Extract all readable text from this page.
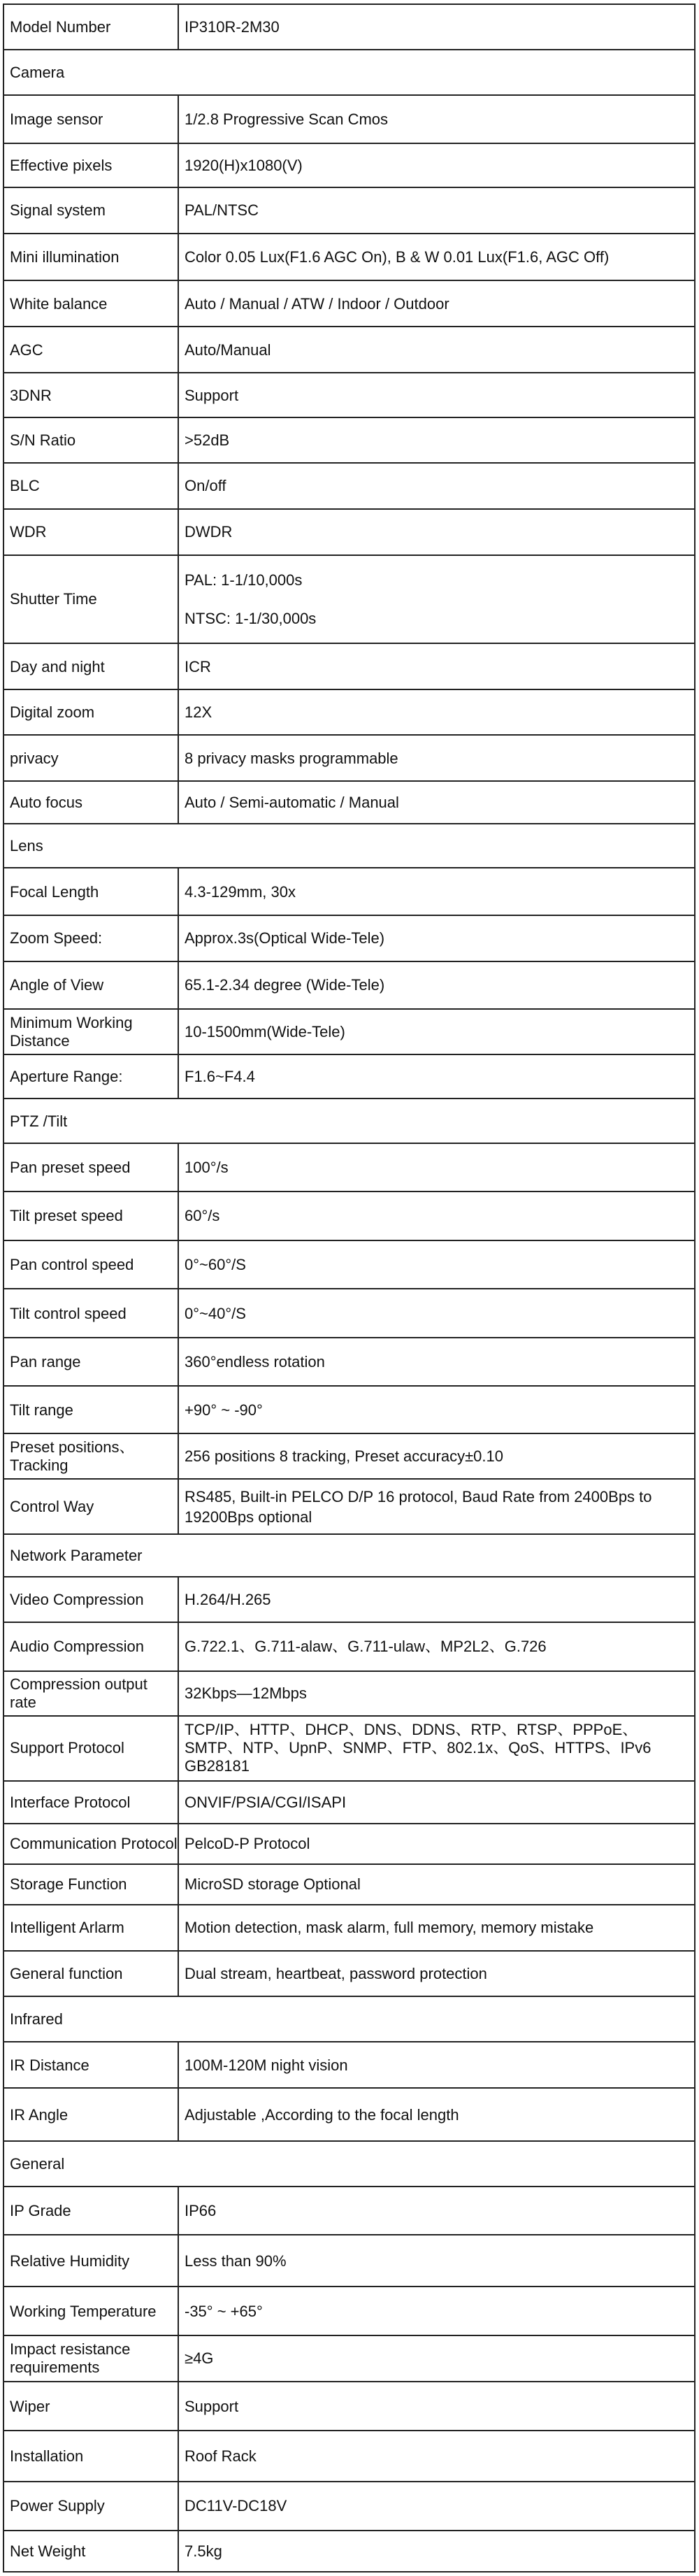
Model Number	IP310R-2M30
Camera	
Image sensor	1/2.8 Progressive Scan Cmos
Effective pixels	1920(H)x1080(V)
Signal system	PAL/NTSC
Mini illumination	Color 0.05 Lux(F1.6 AGC On), B & W 0.01 Lux(F1.6, AGC Off)
White balance	Auto / Manual / ATW / Indoor / Outdoor
AGC	Auto/Manual
3DNR	Support
S/N Ratio	>52dB
BLC	On/off
WDR	DWDR
Shutter Time	PAL: 1-1/10,000s
NTSC: 1-1/30,000s

Day and night	ICR
Digital zoom	12X
privacy	8 privacy masks programmable
Auto focus	Auto / Semi-automatic / Manual
Lens	
Focal Length	4.3-129mm, 30x
Zoom Speed:	Approx.3s(Optical Wide-Tele)
Angle of View	65.1-2.34 degree (Wide-Tele)
Minimum Working Distance	10-1500mm(Wide-Tele)
Aperture Range:	F1.6~F4.4
PTZ /Tilt	
Pan preset speed	100°/s
Tilt preset speed	60°/s
Pan control speed	0°~60°/S
Tilt control speed	0°~40°/S
Pan range	360°endless rotation
Tilt range	+90° ~ -90°
Preset positions、Tracking	256 positions 8 tracking, Preset accuracy±0.10
Control Way	RS485, Built-in PELCO D/P 16 protocol, Baud Rate from 2400Bps to 19200Bps optional
Network Parameter	
Video Compression	H.264/H.265
Audio Compression	G.722.1、G.711-alaw、G.711-ulaw、MP2L2、G.726
Compression output rate	32Kbps—12Mbps
Support Protocol	TCP/IP、HTTP、DHCP、DNS、DDNS、RTP、RTSP、PPPoE、SMTP、NTP、UpnP、SNMP、FTP、802.1x、QoS、HTTPS、IPv6 GB28181
Interface Protocol	ONVIF/PSIA/CGI/ISAPI
Communication Protocol	PelcoD-P Protocol
Storage Function	MicroSD storage Optional
Intelligent Arlarm	Motion detection, mask alarm, full memory, memory mistake
General function	Dual stream, heartbeat, password protection
Infrared	
IR Distance	100M-120M night vision
IR Angle	Adjustable ,According to the focal length
General	
IP Grade	IP66
Relative Humidity	Less than 90%
Working Temperature	-35° ~ +65°
Impact resistance requirements	≥4G
Wiper	Support
Installation	Roof Rack
Power Supply	DC11V-DC18V
Net Weight	7.5kg
